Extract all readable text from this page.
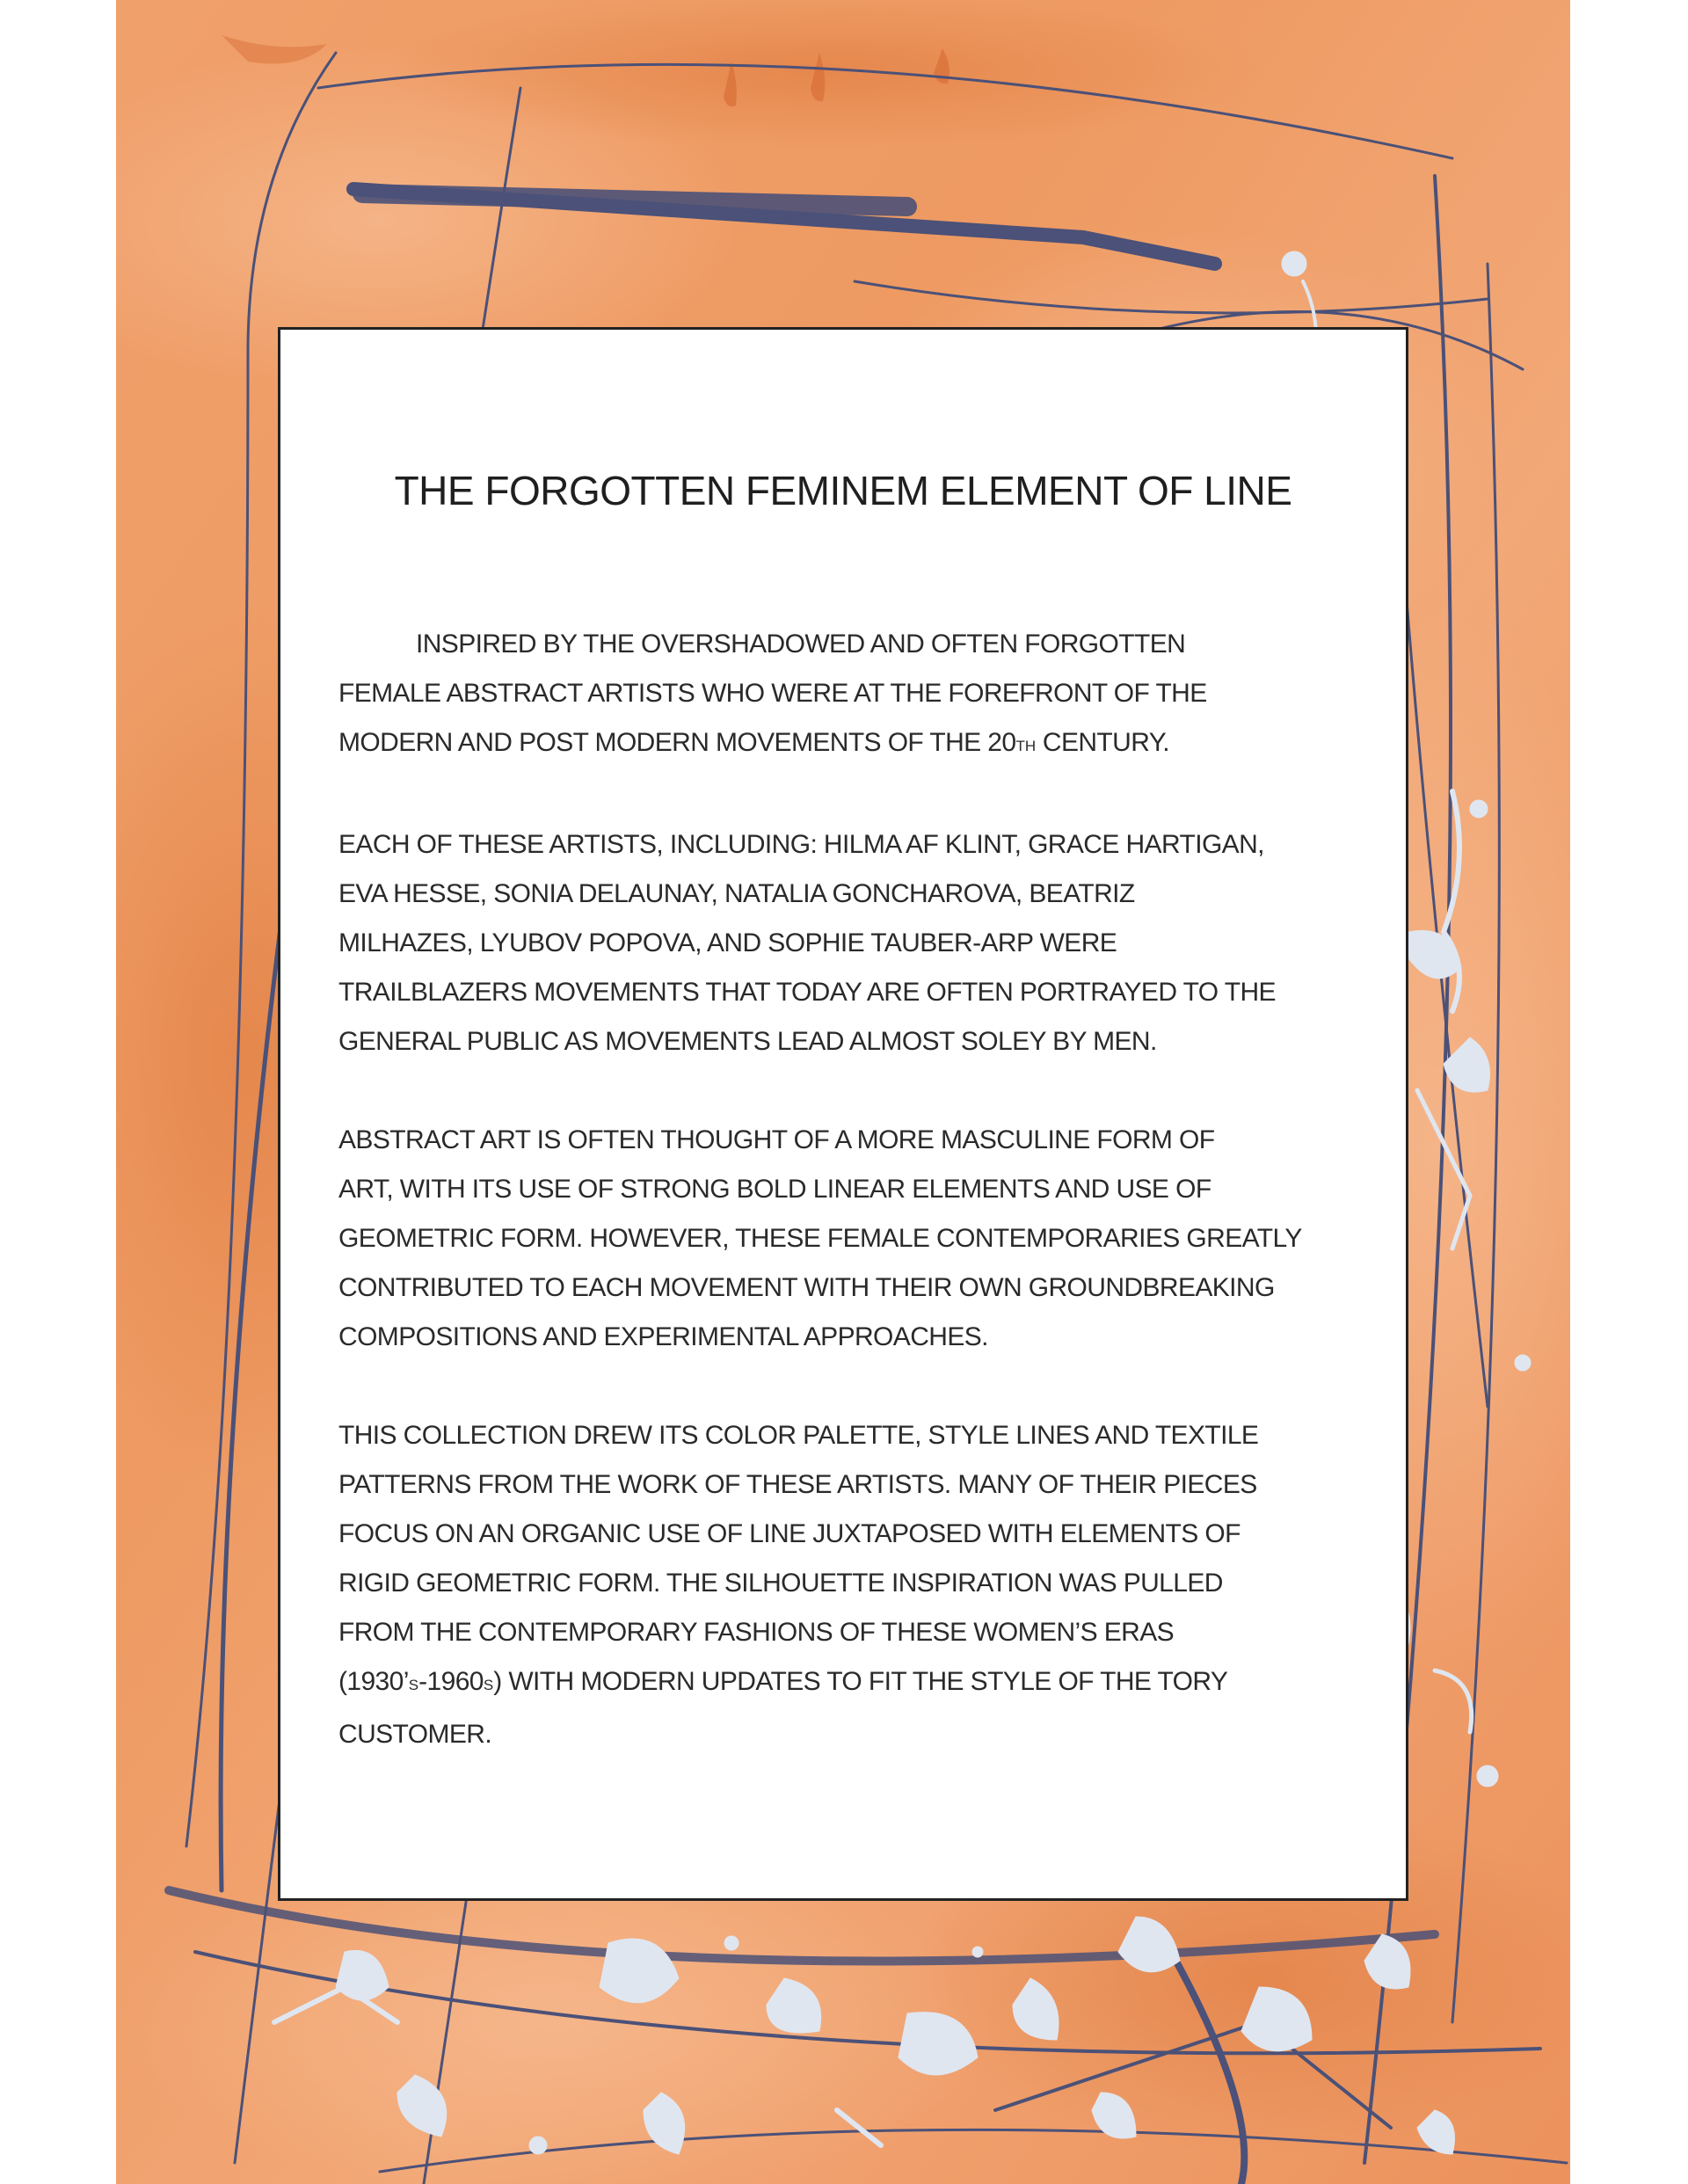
THE FORGOTTEN FEMINEM ELEMENT OF LINE

INSPIRED BY THE OVERSHADOWED AND OFTEN FORGOTTEN
FEMALE ABSTRACT ARTISTS WHO WERE AT THE FOREFRONT OF THE
MODERN AND POST MODERN MOVEMENTS OF THE 20TH CENTURY.

EACH OF THESE ARTISTS, INCLUDING: HILMA AF KLINT, GRACE HARTIGAN,
EVA HESSE, SONIA DELAUNAY, NATALIA GONCHAROVA, BEATRIZ
MILHAZES, LYUBOV POPOVA, AND SOPHIE TAUBER-ARP WERE
TRAILBLAZERS MOVEMENTS THAT TODAY ARE OFTEN PORTRAYED TO THE
GENERAL PUBLIC AS MOVEMENTS LEAD ALMOST SOLEY BY MEN.

ABSTRACT ART IS OFTEN THOUGHT OF A MORE MASCULINE FORM OF
ART, WITH ITS USE OF STRONG BOLD LINEAR ELEMENTS AND USE OF
GEOMETRIC FORM. HOWEVER, THESE FEMALE CONTEMPORARIES GREATLY
CONTRIBUTED TO EACH MOVEMENT WITH THEIR OWN GROUNDBREAKING
COMPOSITIONS AND EXPERIMENTAL APPROACHES.

THIS COLLECTION DREW ITS COLOR PALETTE, STYLE LINES AND TEXTILE
PATTERNS FROM THE WORK OF THESE ARTISTS. MANY OF THEIR PIECES
FOCUS ON AN ORGANIC USE OF LINE JUXTAPOSED WITH ELEMENTS OF
RIGID GEOMETRIC FORM. THE SILHOUETTE INSPIRATION WAS PULLED
FROM THE CONTEMPORARY FASHIONS OF THESE WOMEN’S ERAS
(1930’S-1960S) WITH MODERN UPDATES TO FIT THE STYLE OF THE TORY
CUSTOMER.
